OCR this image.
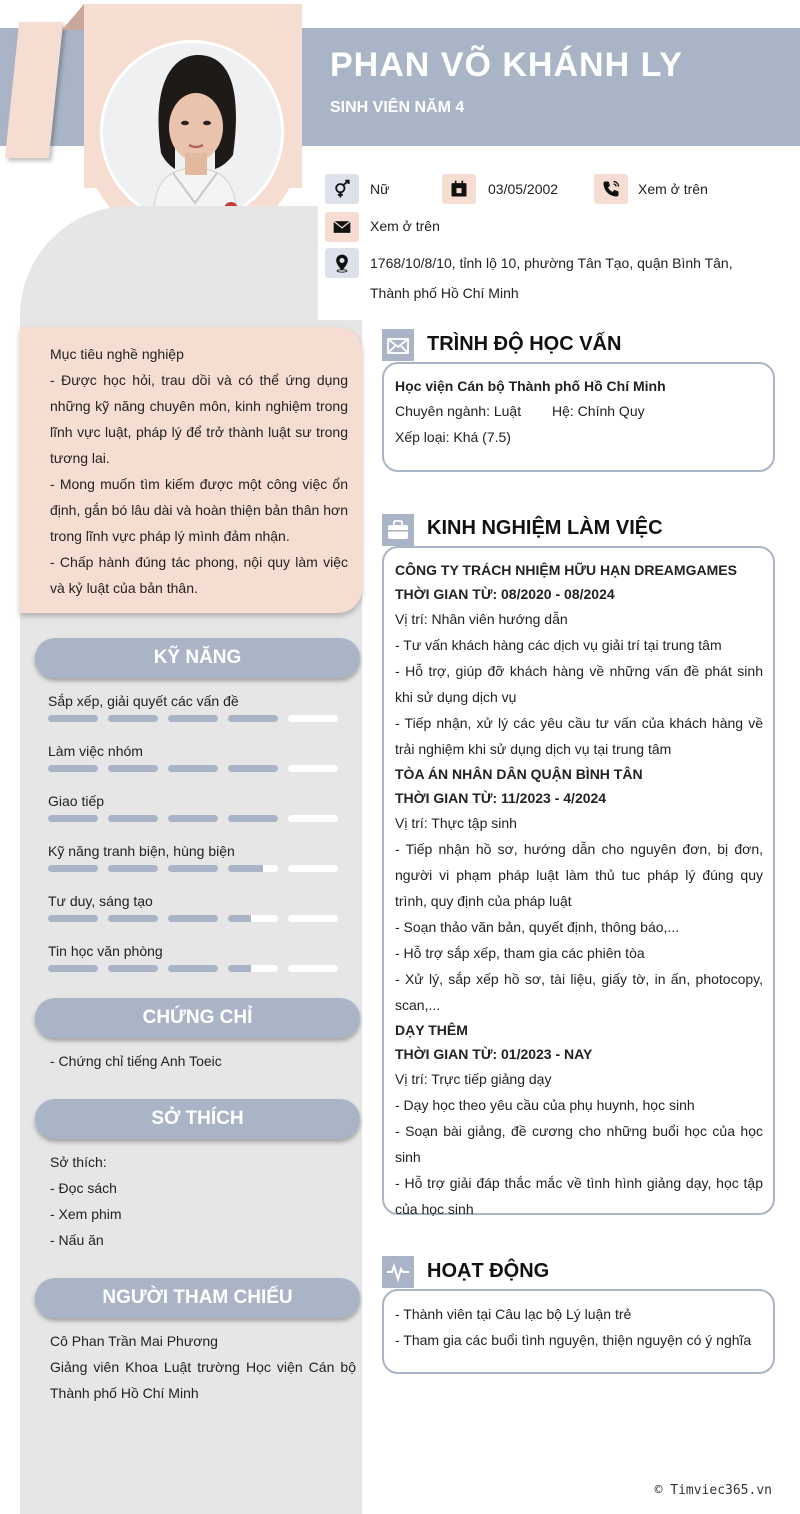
PHAN VÕ KHÁNH LY
SINH VIÊN NĂM 4
Nữ	03/05/2002	Xem ở trên
Xem ở trên
1768/10/8/10, tỉnh lộ 10, phường Tân Tạo, quận Bình Tân,
Thành phố Hồ Chí Minh

Mục tiêu nghề nghiệp

- Được học hỏi, trau dồi và có thể ứng dụng những kỹ năng chuyên môn, kinh nghiệm trong lĩnh vực luật, pháp lý để trở thành luật sư trong tương lai.

- Mong muốn tìm kiếm được một công việc ổn định, gắn bó lâu dài và hoàn thiện bản thân hơn trong lĩnh vực pháp lý mình đảm nhận.

- Chấp hành đúng tác phong, nội quy làm việc và kỷ luật của bản thân.

KỸ NĂNG
Sắp xếp, giải quyết các vấn đề
Làm việc nhóm
Giao tiếp
Kỹ năng tranh biện, hùng biện
Tư duy, sáng tạo
Tin học văn phòng
CHỨNG CHỈ
- Chứng chỉ tiếng Anh Toeic
SỞ THÍCH
Sở thích:
- Đọc sách
- Xem phim
- Nấu ăn
NGƯỜI THAM CHIẾU
Cô Phan Trần Mai Phương
Giảng viên Khoa Luật trường Học viện Cán bộ Thành phố Hồ Chí Minh
TRÌNH ĐỘ HỌC VẤN
Học viện Cán bộ Thành phố Hồ Chí Minh
Chuyên ngành: Luật	Hệ: Chính Quy
Xếp loại: Khá (7.5)
KINH NGHIỆM LÀM VIỆC
CÔNG TY TRÁCH NHIỆM HỮU HẠN DREAMGAMES
THỜI GIAN TỪ: 08/2020 - 08/2024
Vị trí: Nhân viên hướng dẫn
- Tư vấn khách hàng các dịch vụ giải trí tại trung tâm
- Hỗ trợ, giúp đỡ khách hàng về những vấn đề phát sinh khi sử dụng dịch vụ
- Tiếp nhận, xử lý các yêu cầu tư vấn của khách hàng về trải nghiệm khi sử dụng dịch vụ tại trung tâm
TÒA ÁN NHÂN DÂN QUẬN BÌNH TÂN
THỜI GIAN TỪ: 11/2023 - 4/2024
Vị trí: Thực tập sinh
- Tiếp nhận hồ sơ, hướng dẫn cho nguyên đơn, bị đơn, người vi phạm pháp luật làm thủ tuc pháp lý đúng quy trình, quy định của pháp luật
- Soạn thảo văn bản, quyết định, thông báo,...
- Hỗ trợ sắp xếp, tham gia các phiên tòa
- Xử lý, sắp xếp hồ sơ, tài liệu, giấy tờ, in ấn, photocopy, scan,...
DẠY THÊM
THỜI GIAN TỪ: 01/2023 - NAY
Vị trí: Trực tiếp giảng dạy
- Dạy học theo yêu cầu của phụ huynh, học sinh
- Soạn bài giảng, đề cương cho những buổi học của học sinh
- Hỗ trợ giải đáp thắc mắc về tình hình giảng dạy, học tập của học sinh
HOẠT ĐỘNG
- Thành viên tại Câu lạc bộ Lý luận trẻ
- Tham gia các buổi tình nguyện, thiện nguyện có ý nghĩa
© Timviec365.vn
